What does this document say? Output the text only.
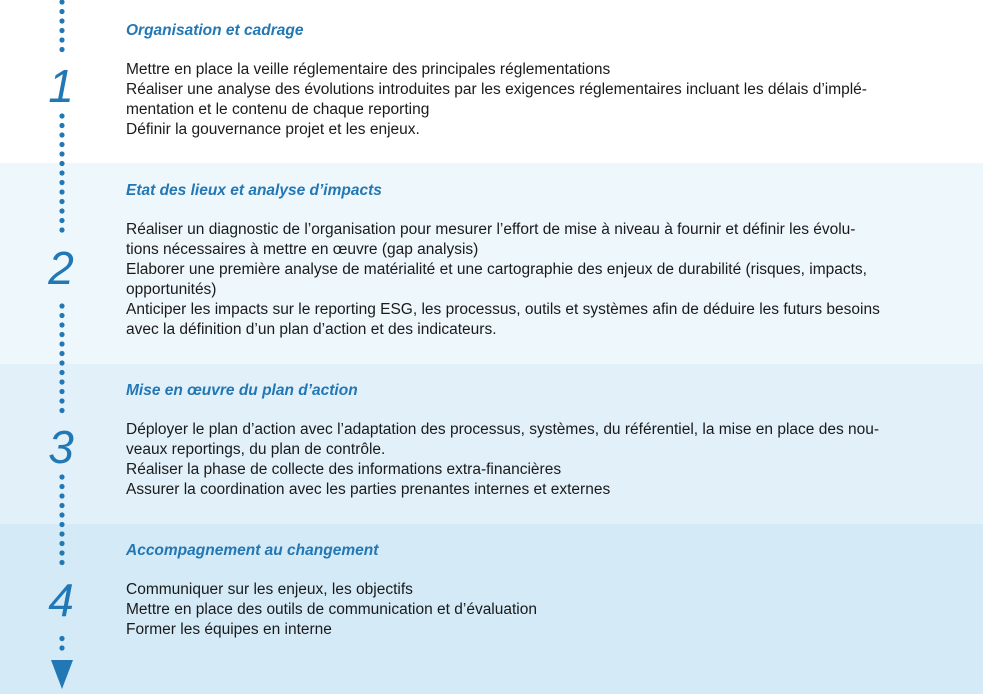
1
2
3
4
Organisation et cadrage
Mettre en place la veille réglementaire des principales réglementations
Réaliser une analyse des évolutions introduites par les exigences réglementaires incluant les délais d’implé-
mentation et le contenu de chaque reporting
Définir la gouvernance projet et les enjeux.
Etat des lieux et analyse d’impacts
Réaliser un diagnostic de l’organisation pour mesurer l’effort de mise à niveau à fournir et définir les évolu-
tions nécessaires à mettre en œuvre (gap analysis)
Elaborer une première analyse de matérialité et une cartographie des enjeux de durabilité (risques, impacts,
opportunités)
Anticiper les impacts sur le reporting ESG, les processus, outils et systèmes afin de déduire les futurs besoins
avec la définition d’un plan d’action et des indicateurs.
Mise en œuvre du plan d’action
Déployer le plan d’action avec l’adaptation des processus, systèmes, du référentiel, la mise en place des nou-
veaux reportings, du plan de contrôle.
Réaliser la phase de collecte des informations extra-financières
Assurer la coordination avec les parties prenantes internes et externes
Accompagnement au changement
Communiquer sur les enjeux, les objectifs
Mettre en place des outils de communication et d’évaluation
Former les équipes en interne
